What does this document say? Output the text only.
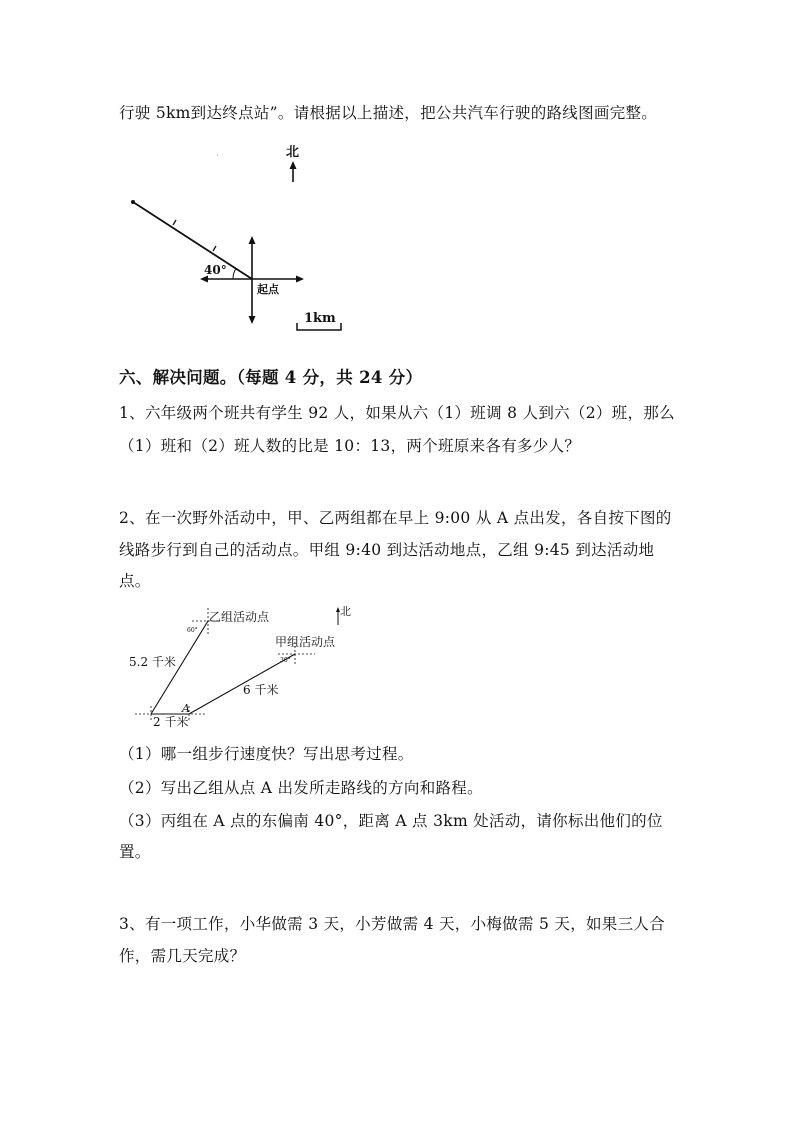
行驶 5km到达终点站”。请根据以上描述，把公共汽车行驶的路线图画完整。
北
40°
起点
1km
六、解决问题。（每题 4 分，共 24 分）
1、六年级两个班共有学生 92 人，如果从六（1）班调 8 人到六（2）班，那么
（1）班和（2）班人数的比是 10：13，两个班原来各有多少人？
2、在一次野外活动中，甲、乙两组都在早上 9:00 从 A 点出发，各自按下图的
线路步行到自己的活动点。甲组 9:40 到达活动地点，乙组 9:45 到达活动地
点。
北
60°
乙组活动点
30°
甲组活动点
5.2 千米
6 千米
2 千米
A
（1）哪一组步行速度快？写出思考过程。
（2）写出乙组从点 A 出发所走路线的方向和路程。
（3）丙组在 A 点的东偏南 40°，距离 A 点 3km 处活动，请你标出他们的位
置。
3、有一项工作，小华做需 3 天，小芳做需 4 天，小梅做需 5 天，如果三人合
作，需几天完成？
